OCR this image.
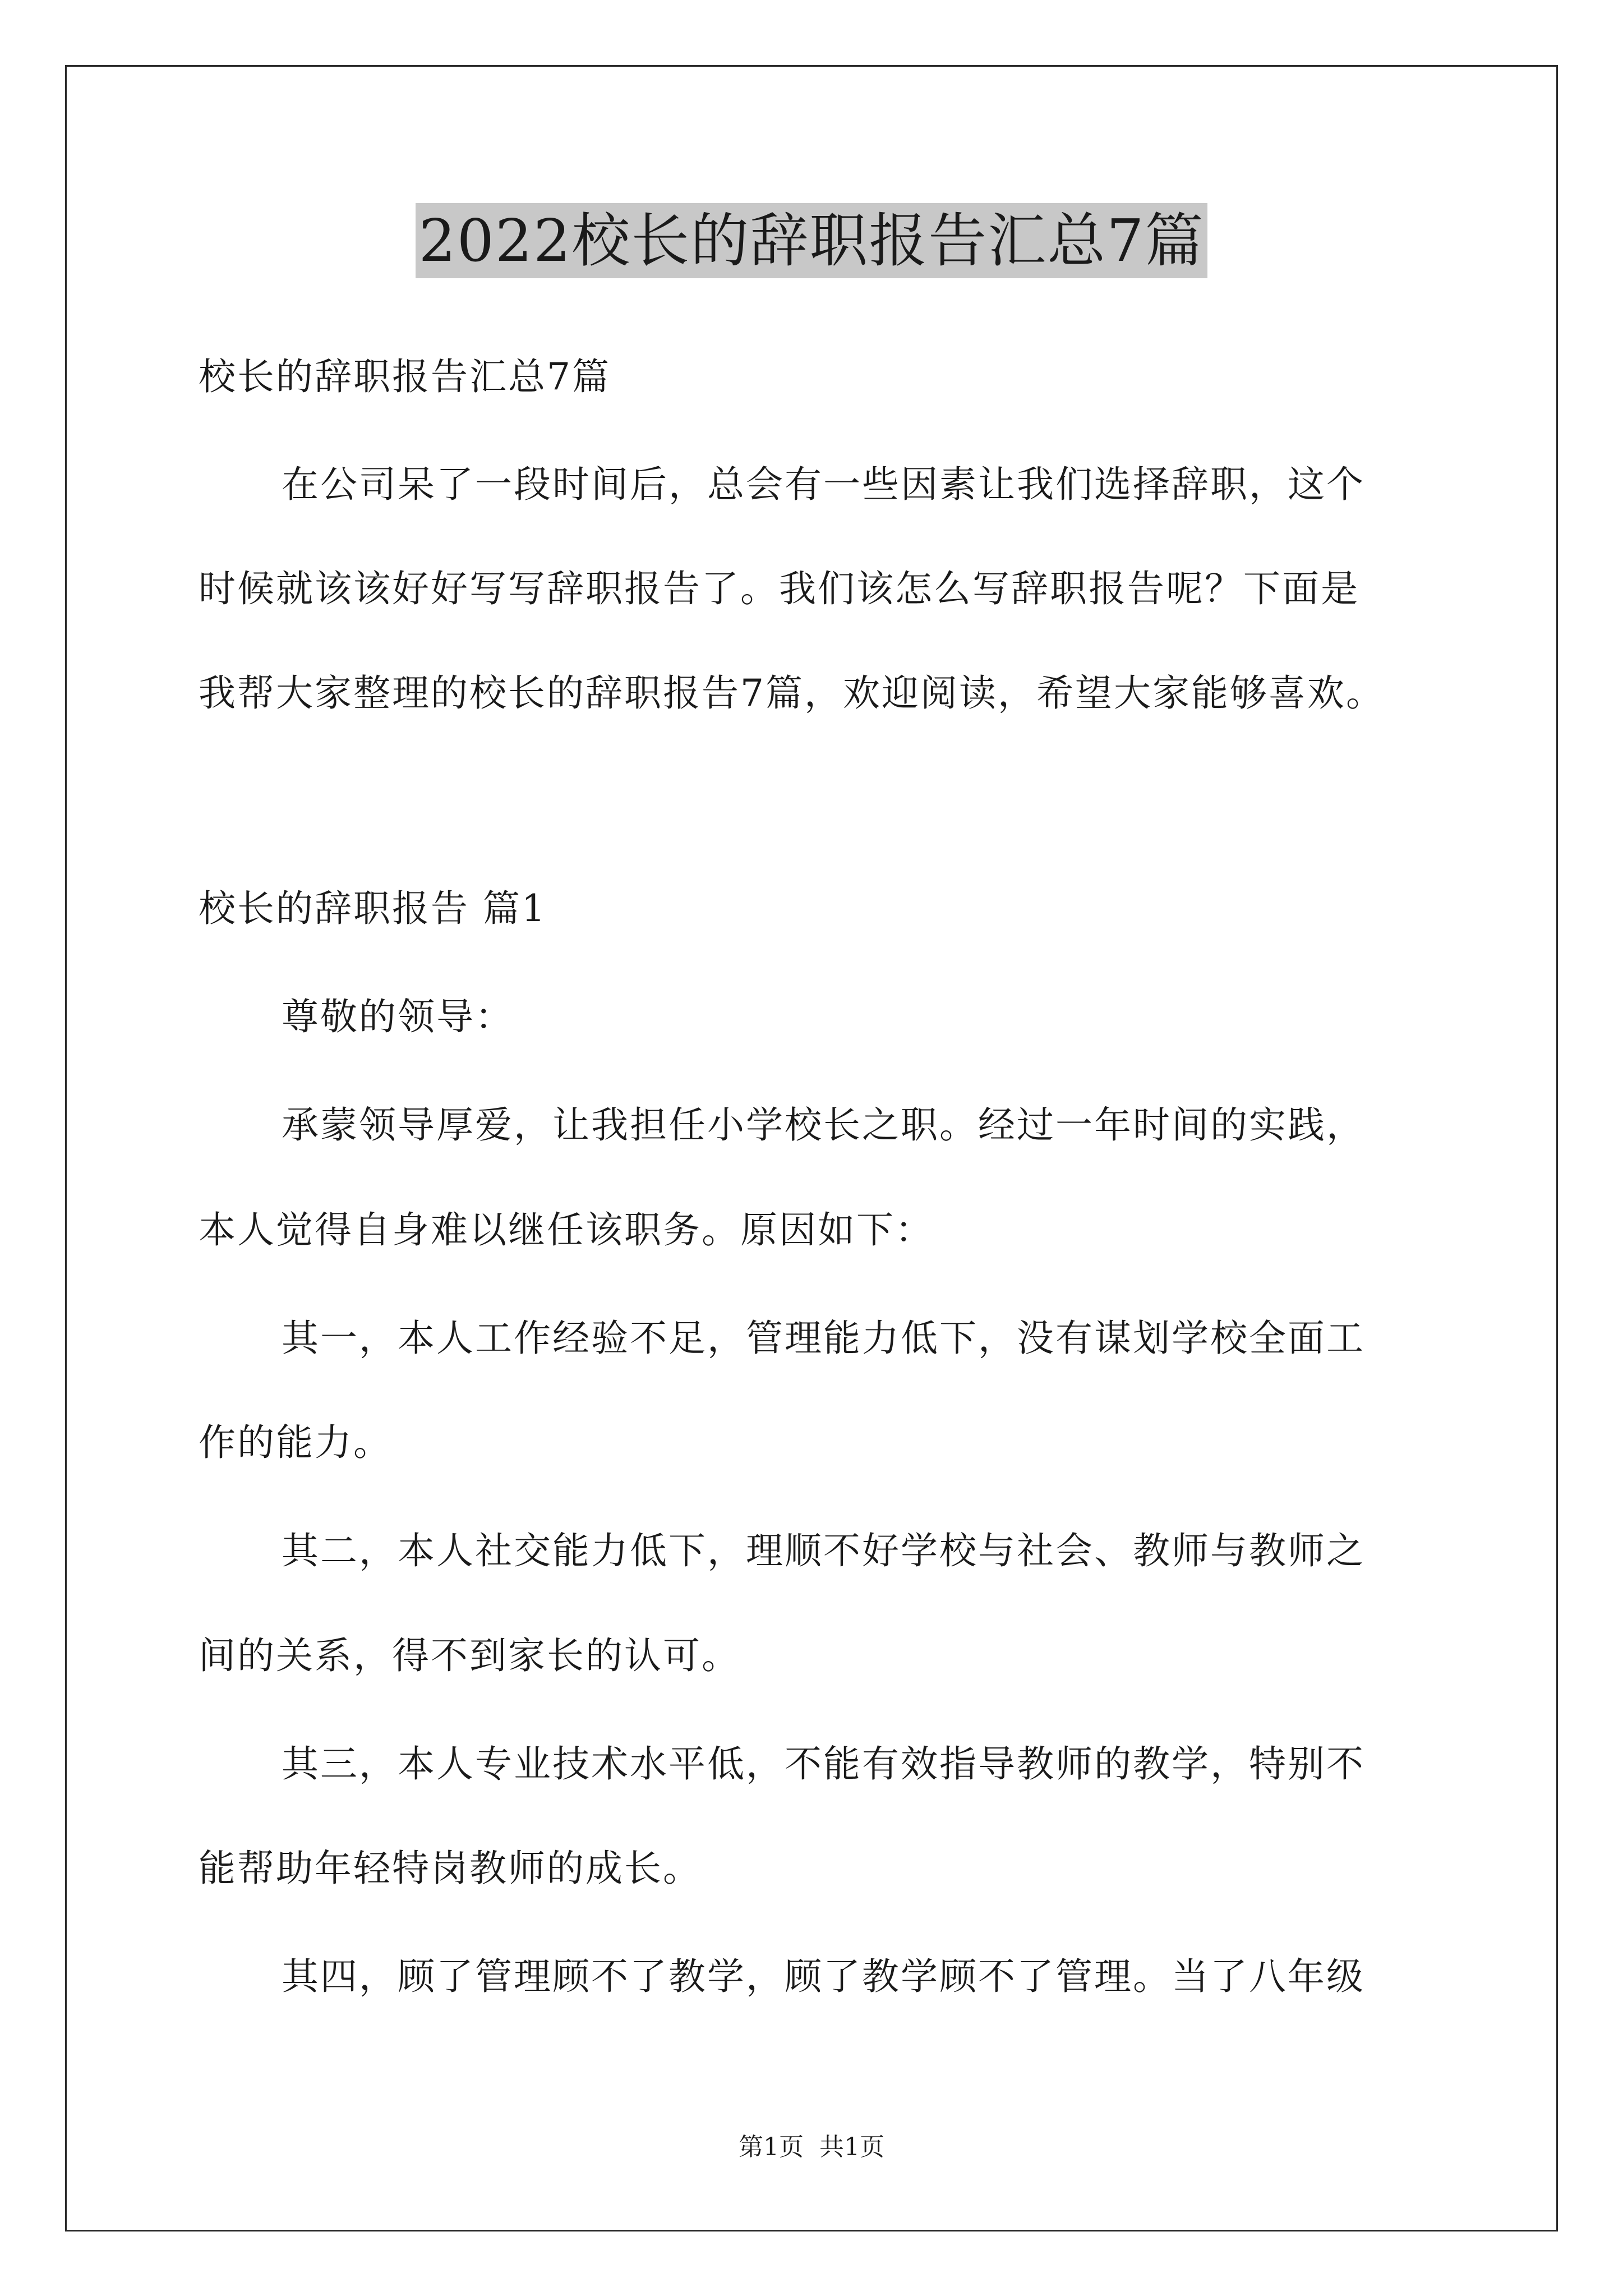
2022校长的辞职报告汇总7篇
校长的辞职报告汇总7篇
在公司呆了一段时间后，总会有一些因素让我们选择辞职，这个
时候就该该好好写写辞职报告了。我们该怎么写辞职报告呢？下面是
我帮大家整理的校长的辞职报告7篇，欢迎阅读，希望大家能够喜欢。
校长的辞职报告 篇1
尊敬的领导：
承蒙领导厚爱，让我担任小学校长之职。经过一年时间的实践，
本人觉得自身难以继任该职务。原因如下：
其一，本人工作经验不足，管理能力低下，没有谋划学校全面工
作的能力。
其二，本人社交能力低下，理顺不好学校与社会、教师与教师之
间的关系，得不到家长的认可。
其三，本人专业技术水平低，不能有效指导教师的教学，特别不
能帮助年轻特岗教师的成长。
其四，顾了管理顾不了教学，顾了教学顾不了管理。当了八年级
第1页 共1页
